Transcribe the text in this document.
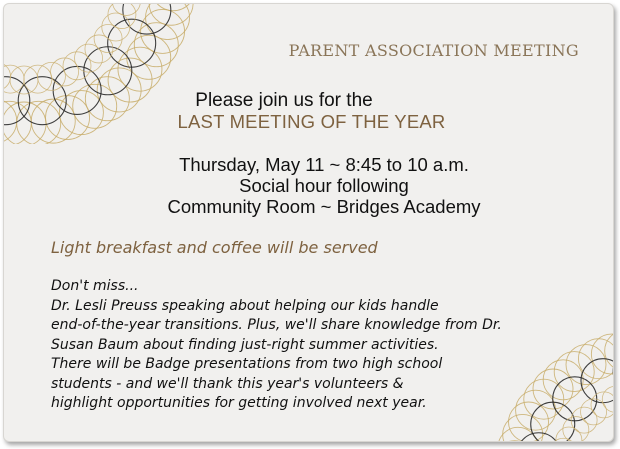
PARENT ASSOCIATION MEETING
Please join us for the
LAST MEETING OF THE YEAR
Thursday, May 11 ~ 8:45 to 10 a.m.
Social hour following
Community Room ~ Bridges Academy
Light breakfast and coffee will be served
Don't miss...
Dr. Lesli Preuss speaking about helping our kids handle
end-of-the-year transitions. Plus, we'll share knowledge from Dr.
Susan Baum about finding just-right summer activities.
There will be Badge presentations from two high school
students - and we'll thank this year's volunteers &
highlight opportunities for getting involved next year.
